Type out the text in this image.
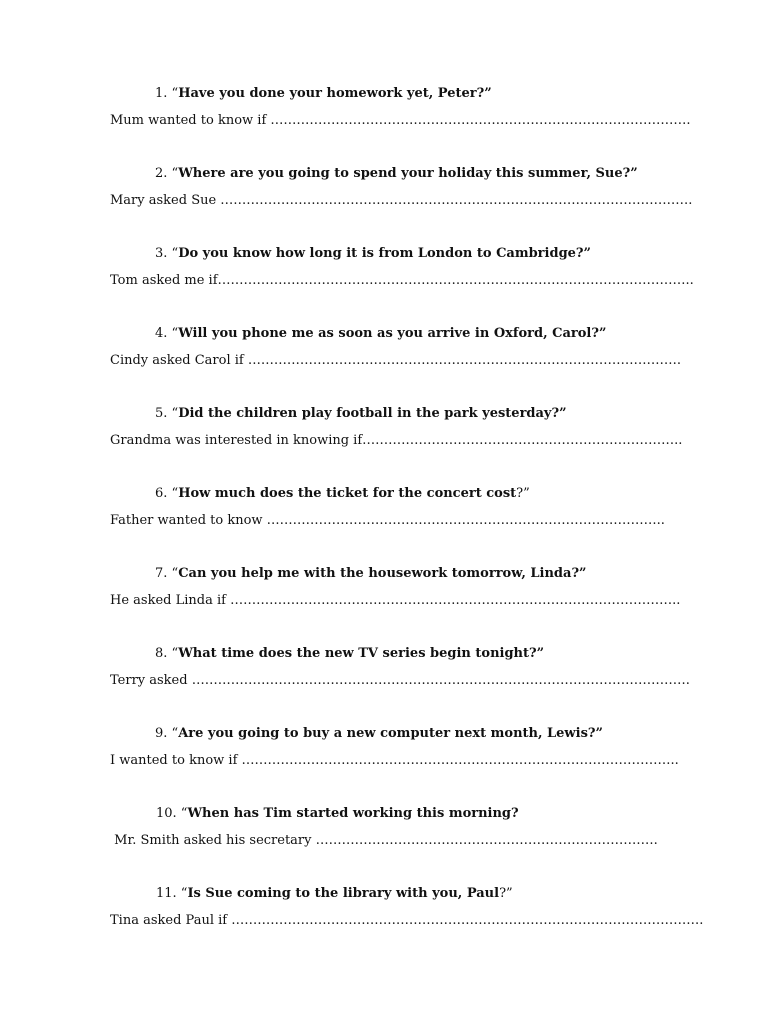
1. “Have you done your homework yet, Peter?”
Mum wanted to know if …………………………………………………………………………………….
2. “Where are you going to spend your holiday this summer, Sue?”
Mary asked Sue ……………………………………………………………………………………………….
3. “Do you know how long it is from London to Cambridge?”
Tom asked me if………………………………………………………………………………………………..
4. “Will you phone me as soon as you arrive in Oxford, Carol?”
Cindy asked Carol if ……………………………………………………………………………………….
5. “Did the children play football in the park yesterday?”
Grandma was interested in knowing if………………………………………………………………..
6. “How much does the ticket for the concert cost?”
Father wanted to know ………………………………………………………………………………..
7. “Can you help me with the housework tomorrow, Linda?”
He asked Linda if …………………………………………………………………………………………..
8. “What time does the new TV series begin tonight?”
Terry asked …………………………………………………………………………………………………….
9. “Are you going to buy a new computer next month, Lewis?”
I wanted to know if ………………………………………………………………………………………..
10. “When has Tim started working this morning?
Mr. Smith asked his secretary …………………………………………………………………….
11. “Is Sue coming to the library with you, Paul?”
Tina asked Paul if ……………………………………………………………………………………………….
